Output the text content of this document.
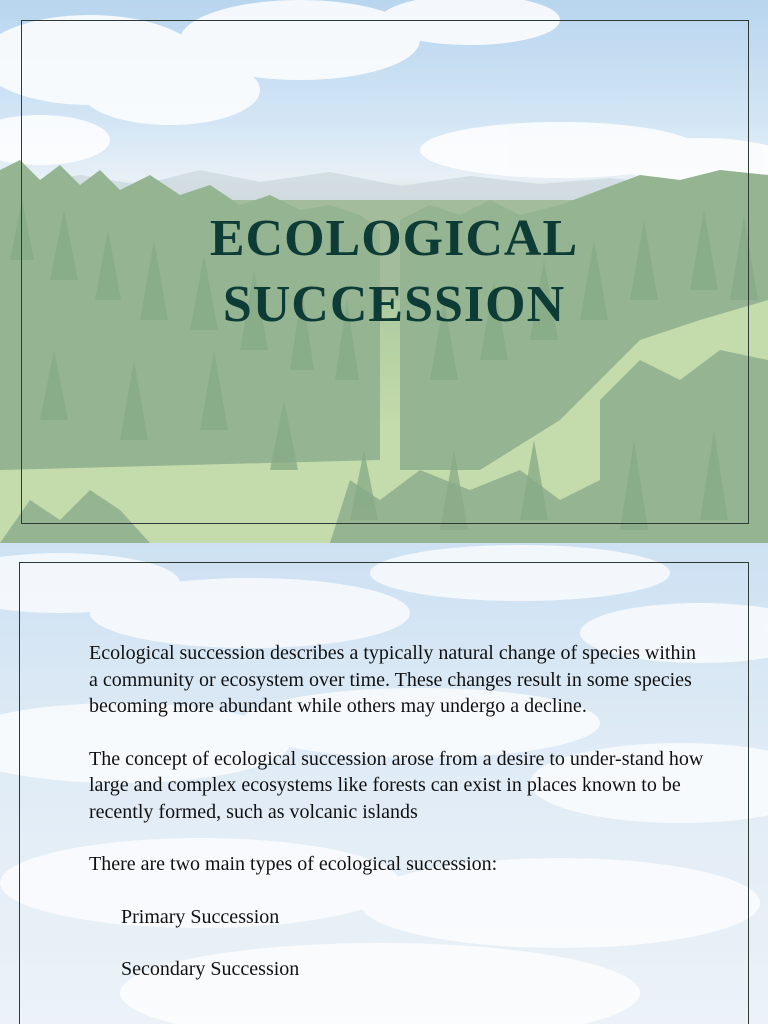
ECOLOGICAL
SUCCESSION

Ecological succession describes a typically natural change of species within a community or ecosystem over time. These changes result in some species becoming more abundant while others may undergo a decline.

The concept of ecological succession arose from a desire to under-stand how large and complex ecosystems like forests can exist in places known to be recently formed, such as volcanic islands

There are two main types of ecological succession:

Primary Succession

Secondary Succession
